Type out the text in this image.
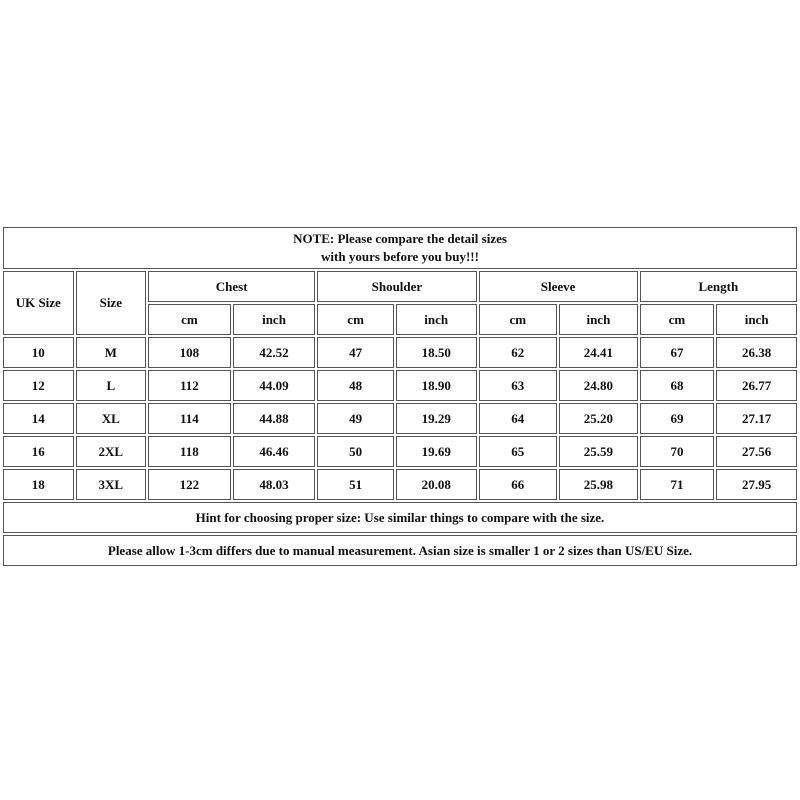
NOTE: Please compare the detail sizes
with yours before you buy!!!									

UK Size	Size	Chest		Shoulder		Sleeve		Length	
		cm	inch	cm	inch	cm	inch	cm	inch
10	M	108	42.52	47	18.50	62	24.41	67	26.38
12	L	112	44.09	48	18.90	63	24.80	68	26.77
14	XL	114	44.88	49	19.29	64	25.20	69	27.17
16	2XL	118	46.46	50	19.69	65	25.59	70	27.56
18	3XL	122	48.03	51	20.08	66	25.98	71	27.95
Hint for choosing proper size: Use similar things to compare with the size.									
Please allow 1-3cm differs due to manual measurement. Asian size is smaller 1 or 2 sizes than US/EU Size.									
